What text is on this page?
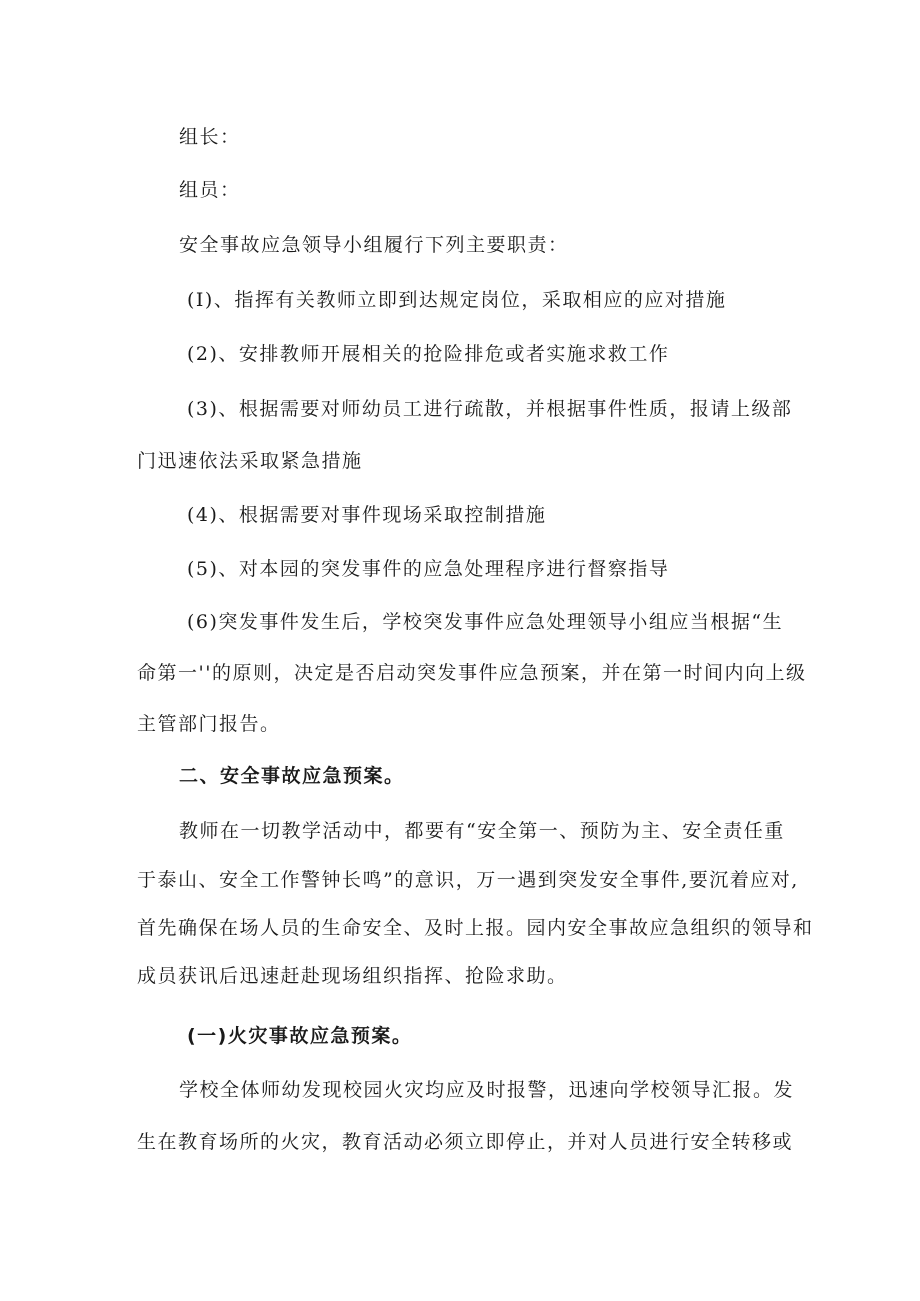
组长：
组员：
安全事故应急领导小组履行下列主要职责：
(I)、指挥有关教师立即到达规定岗位，采取相应的应对措施
(2)、安排教师开展相关的抢险排危或者实施求救工作
(3)、根据需要对师幼员工进行疏散，并根据事件性质，报请上级部
门迅速依法采取紧急措施
(4)、根据需要对事件现场采取控制措施
(5)、对本园的突发事件的应急处理程序进行督察指导
(6)突发事件发生后，学校突发事件应急处理领导小组应当根据“生
命第一''的原则，决定是否启动突发事件应急预案，并在第一时间内向上级
主管部门报告。
二、安全事故应急预案。
教师在一切教学活动中，都要有“安全第一、预防为主、安全责任重
于泰山、安全工作警钟长鸣”的意识，万一遇到突发安全事件,要沉着应对,
首先确保在场人员的生命安全、及时上报。园内安全事故应急组织的领导和
成员获讯后迅速赶赴现场组织指挥、抢险求助。
(一)火灾事故应急预案。
学校全体师幼发现校园火灾均应及时报警，迅速向学校领导汇报。发
生在教育场所的火灾，教育活动必须立即停止，并对人员进行安全转移或
